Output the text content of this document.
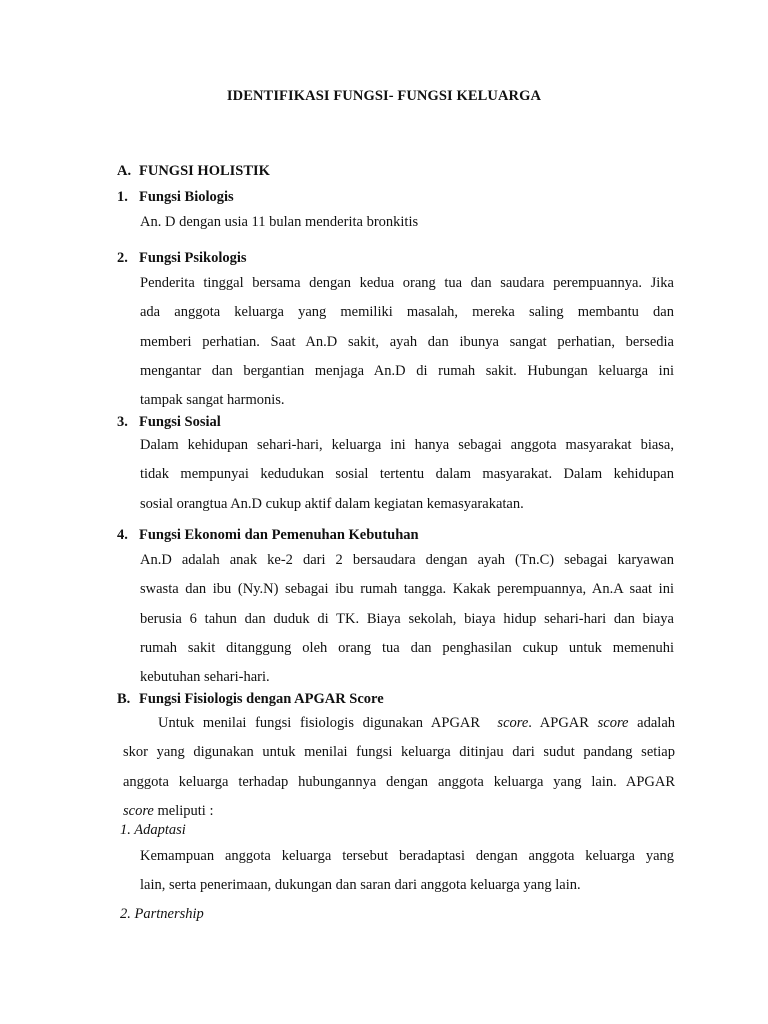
IDENTIFIKASI FUNGSI- FUNGSI KELUARGA
A. FUNGSI HOLISTIK
1. Fungsi Biologis
An. D dengan usia 11 bulan menderita bronkitis
2. Fungsi Psikologis
Penderita tinggal bersama dengan kedua orang tua dan saudara perempuannya. Jika
ada anggota keluarga yang memiliki masalah, mereka saling membantu dan
memberi perhatian. Saat An.D sakit, ayah dan ibunya sangat perhatian, bersedia
mengantar dan bergantian menjaga An.D di rumah sakit. Hubungan keluarga ini
tampak sangat harmonis.
3. Fungsi Sosial
Dalam kehidupan sehari-hari, keluarga ini hanya sebagai anggota masyarakat biasa,
tidak mempunyai kedudukan sosial tertentu dalam masyarakat. Dalam kehidupan
sosial orangtua An.D cukup aktif dalam kegiatan kemasyarakatan.
4. Fungsi Ekonomi dan Pemenuhan Kebutuhan
An.D adalah anak ke-2 dari 2 bersaudara dengan ayah (Tn.C) sebagai karyawan
swasta dan ibu (Ny.N) sebagai ibu rumah tangga. Kakak perempuannya, An.A saat ini
berusia 6 tahun dan duduk di TK. Biaya sekolah, biaya hidup sehari-hari dan biaya
rumah sakit ditanggung oleh orang tua dan penghasilan cukup untuk memenuhi
kebutuhan sehari-hari.
B. Fungsi Fisiologis dengan APGAR Score
Untuk menilai fungsi fisiologis digunakan APGAR score. APGAR score adalah
skor yang digunakan untuk menilai fungsi keluarga ditinjau dari sudut pandang setiap
anggota keluarga terhadap hubungannya dengan anggota keluarga yang lain. APGAR
score meliputi :
1. Adaptasi
Kemampuan anggota keluarga tersebut beradaptasi dengan anggota keluarga yang
lain, serta penerimaan, dukungan dan saran dari anggota keluarga yang lain.
2. Partnership
